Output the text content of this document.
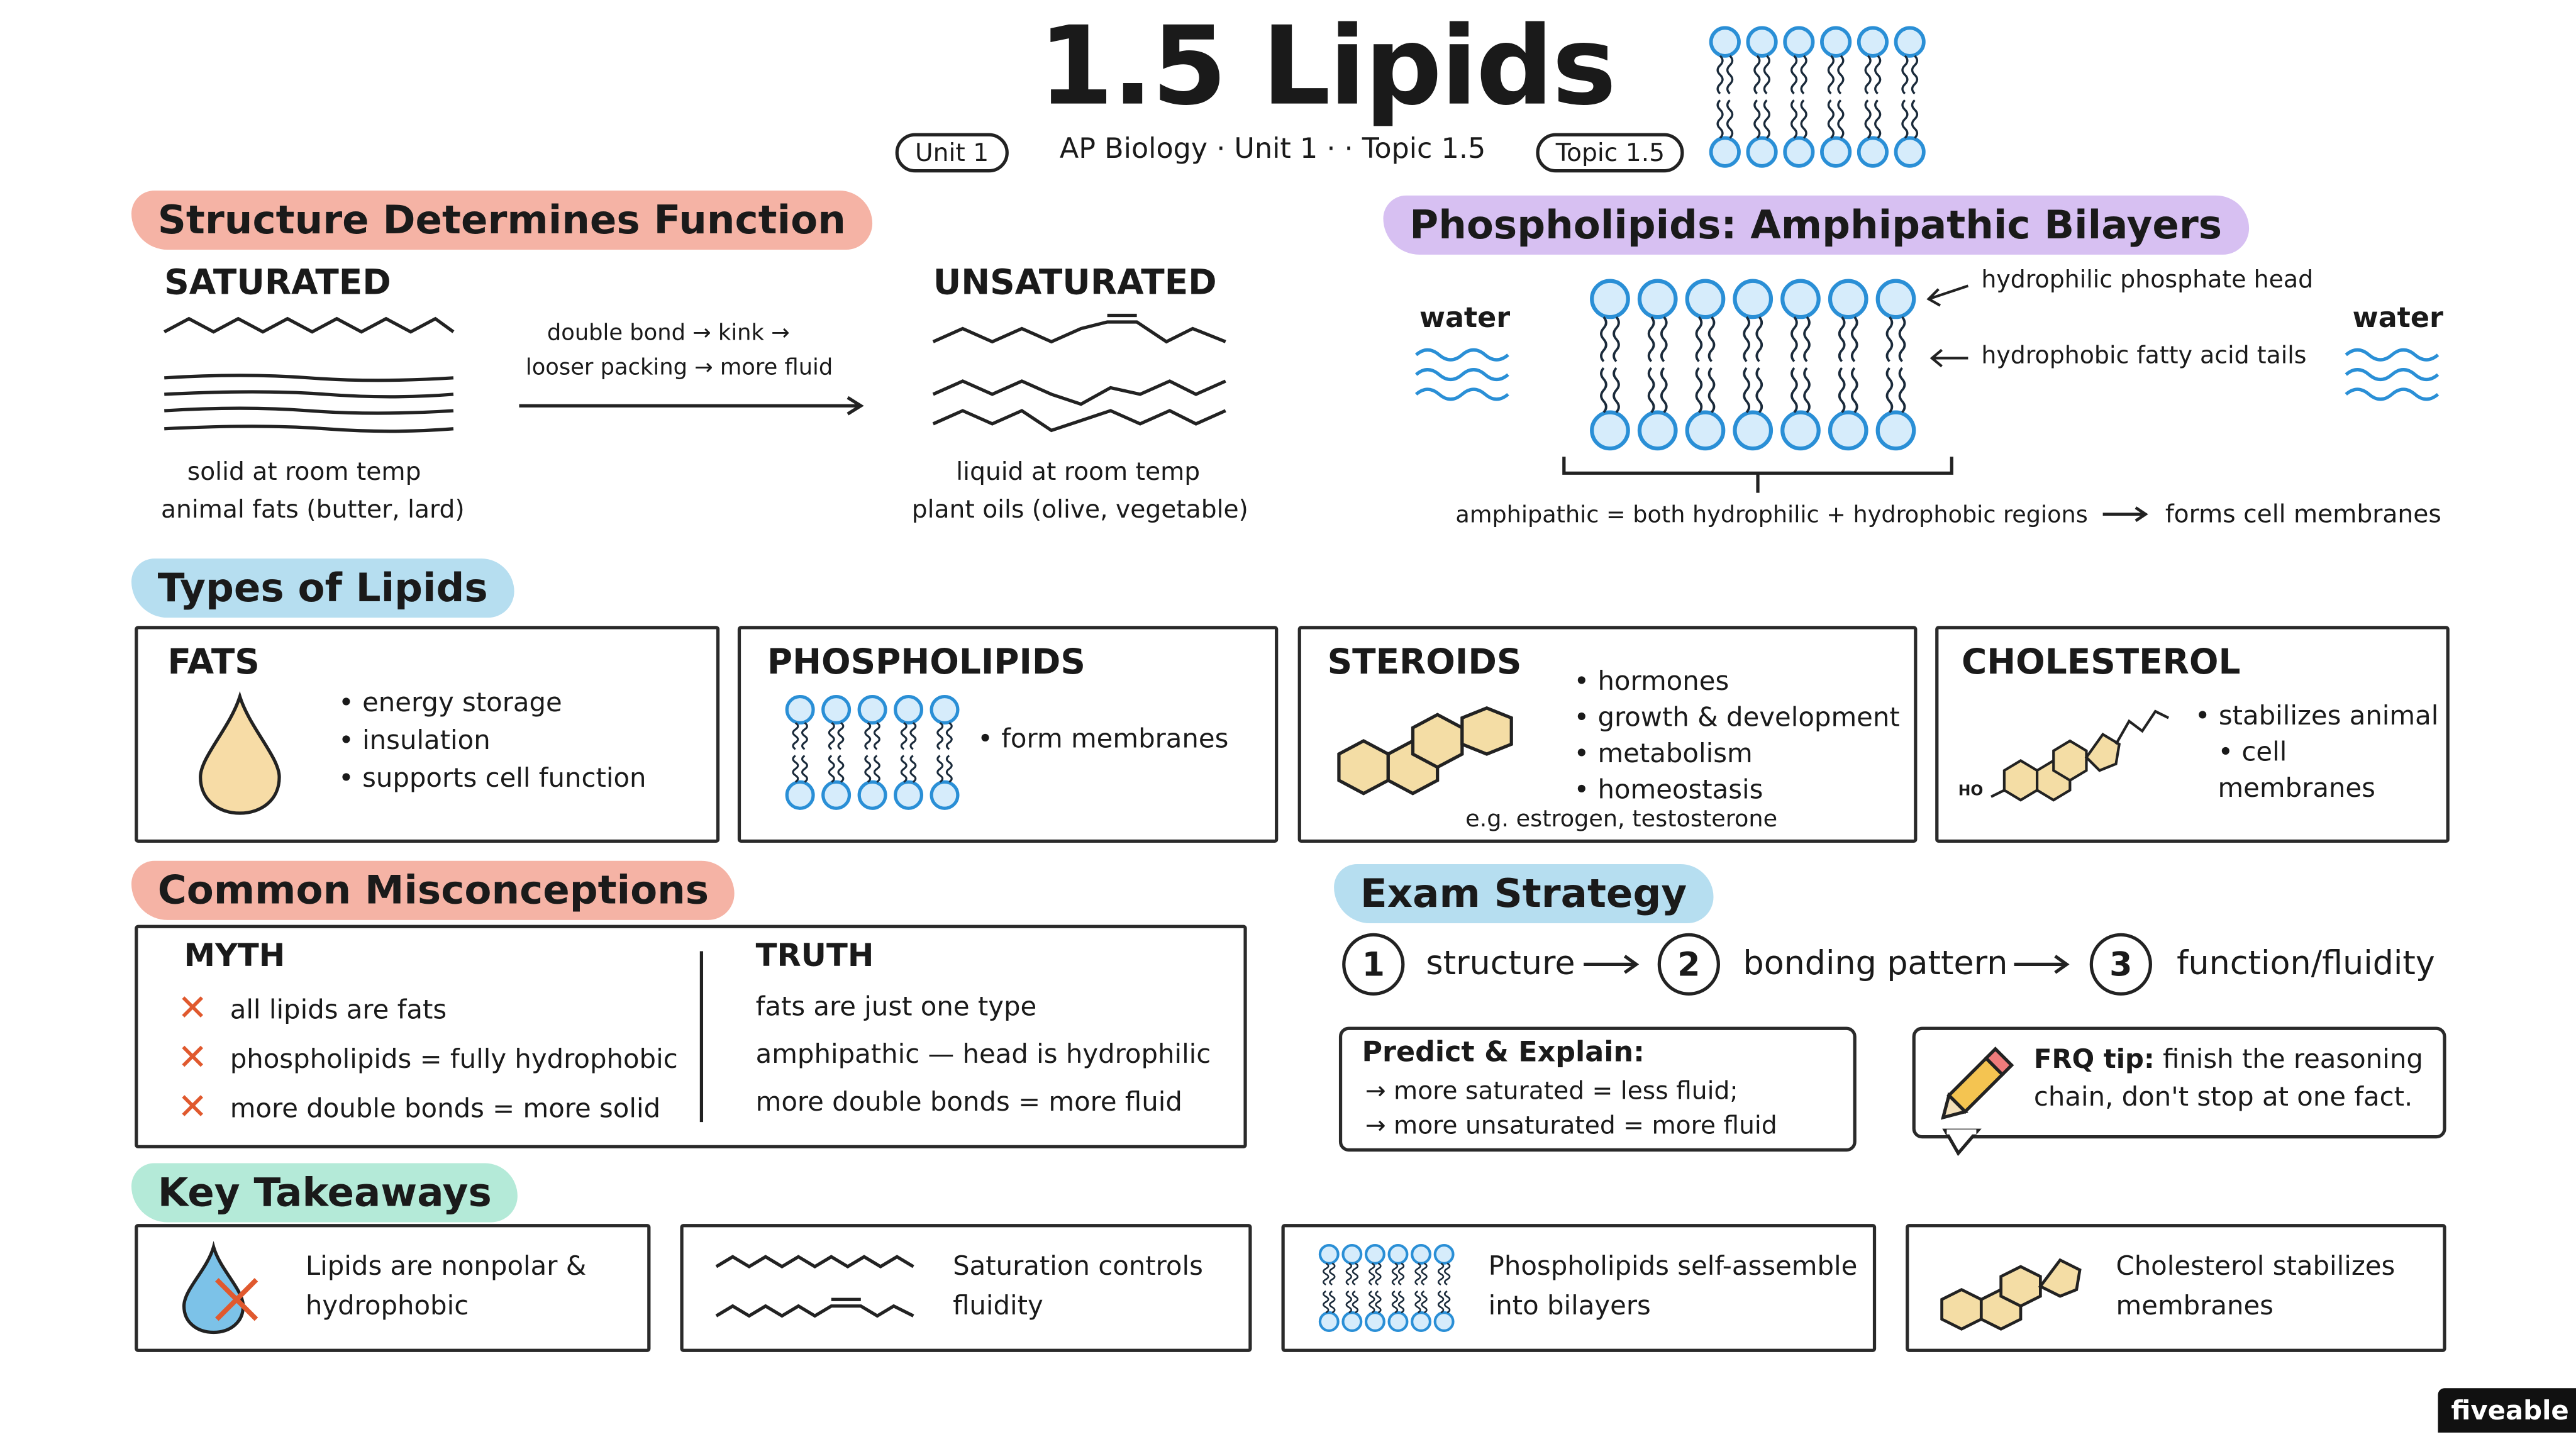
1.5 Lipids
Unit 1	AP Biology · Unit 1 · · Topic 1.5	Topic 1.5
Structure Determines Function
SATURATED
solid at room temp
animal fats (butter, lard)
double bond → kink →
looser packing → more fluid
UNSATURATED
liquid at room temp
plant oils (olive, vegetable)
Phospholipids: Amphipathic Bilayers
water
hydrophilic phosphate head
hydrophobic fatty acid tails
water
amphipathic = both hydrophilic + hydrophobic regions	forms cell membranes
Types of Lipids
FATS
• energy storage
• insulation
• supports cell function
PHOSPHOLIPIDS
• form membranes
STEROIDS
•	hormones
• growth & development
• metabolism
• homeostasis
e.g. estrogen, testosterone
CHOLESTEROL
HO
• stabilizes animal
• cell membranes
Common Misconceptions
MYTH
✕	all lipids are fats
✕	phospholipids = fully hydrophobic
✕	more double bonds = more solid
TRUTH
fats are just one type
amphipathic — head is hydrophilic
more double bonds = more fluid
Exam Strategy
1	structure	2	bonding pattern	3	function/fluidity
Predict & Explain:
→ more saturated = less fluid;
→ more unsaturated = more fluid
FRQ tip: finish the reasoning
chain, don't stop at one fact.
Key Takeaways
Lipids are nonpolar &
hydrophobic
Saturation controls
fluidity
Phospholipids self-assemble
into bilayers
Cholesterol stabilizes
membranes
fiveable
